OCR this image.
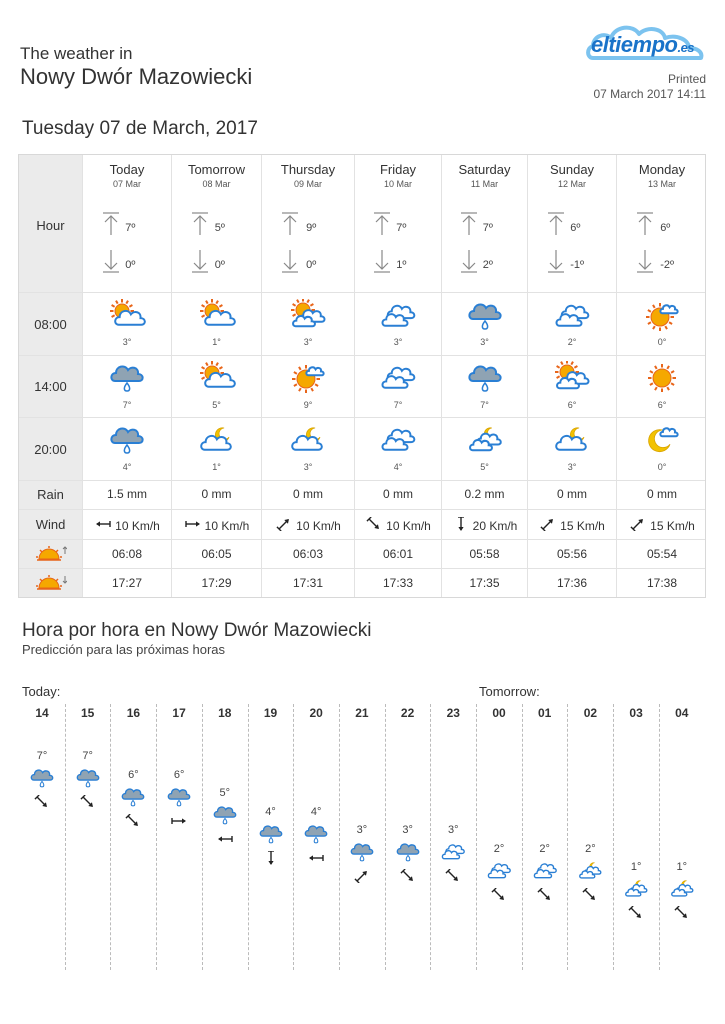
The weather in
Nowy Dwór Mazowiecki
eltiempo.es
Printed
07 March 2017 14:11
Tuesday 07 de March, 2017
Hour
08:00
14:00
20:00
Rain
Wind
Today
07 Mar
7º
0º
3°
7°
4°
1.5 mm
10 Km/h
06:08
17:27
Tomorrow
08 Mar
5º
0º
1°
5°
1°
0 mm
10 Km/h
06:05
17:29
Thursday
09 Mar
9º
0º
3°
9°
3°
0 mm
10 Km/h
06:03
17:31
Friday
10 Mar
7º
1º
3°
7°
4°
0 mm
10 Km/h
06:01
17:33
Saturday
11 Mar
7º
2º
3°
7°
5°
0.2 mm
20 Km/h
05:58
17:35
Sunday
12 Mar
6º
-1º
2°
6°
3°
0 mm
15 Km/h
05:56
17:36
Monday
13 Mar
6º
-2º
0°
6°
0°
0 mm
15 Km/h
05:54
17:38
Hora por hora en Nowy Dwór Mazowiecki
Predicción para las próximas horas
Today:	Tomorrow:
14
7°
15
7°
16
6°
17
6°
18
5°
19
4°
20
4°
21
3°
22
3°
23
3°
00
2°
01
2°
02
2°
03
1°
04
1°
